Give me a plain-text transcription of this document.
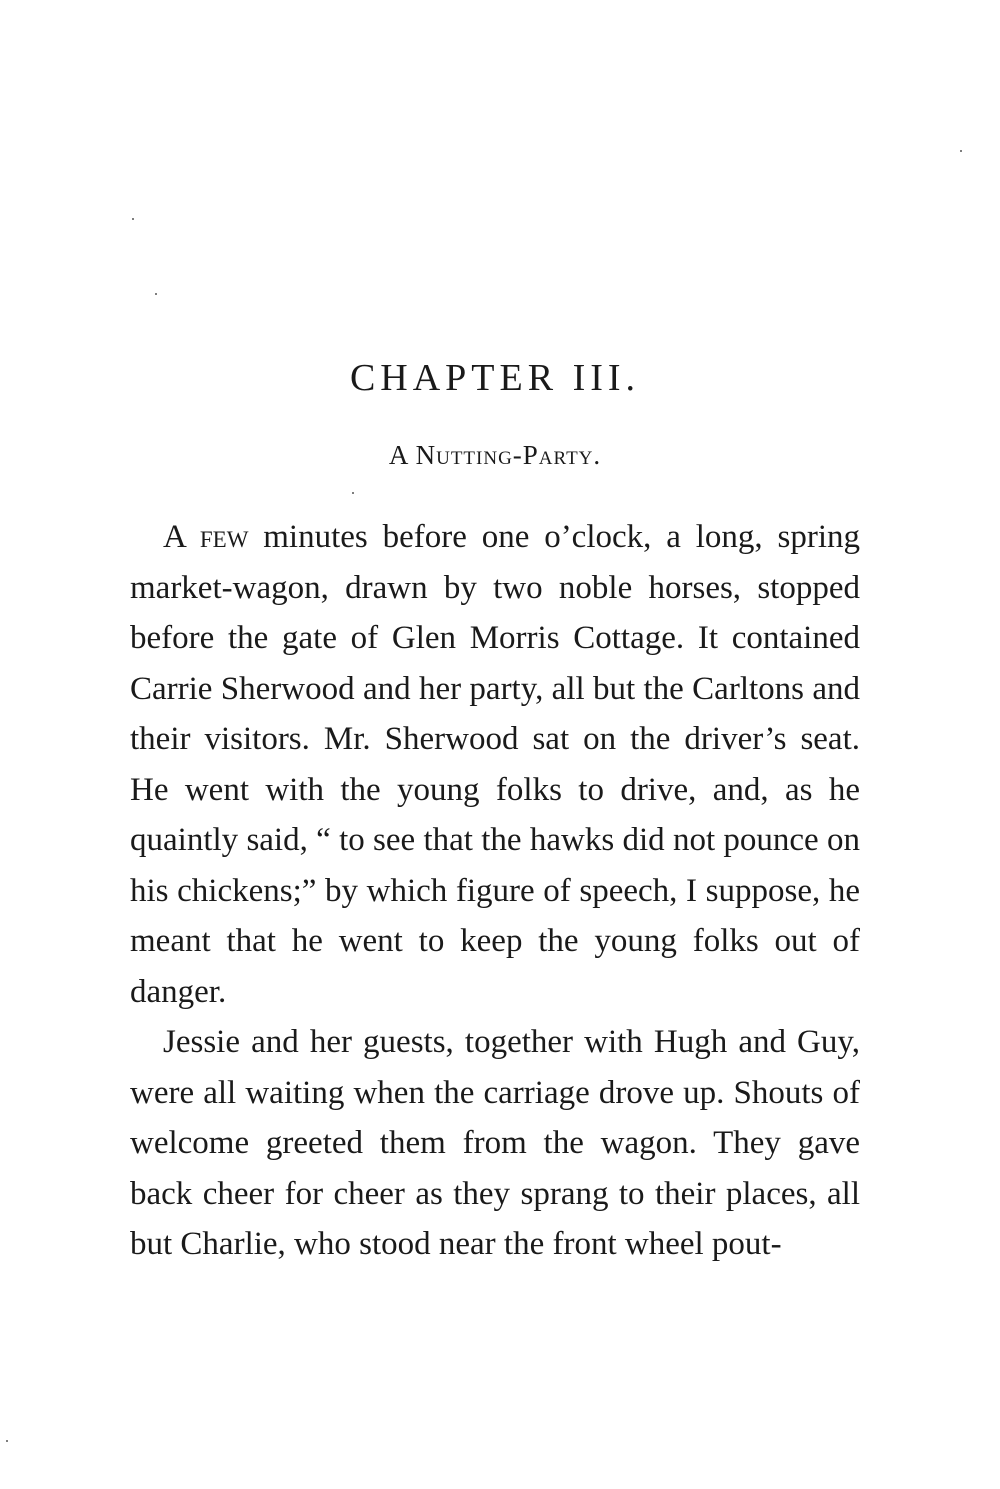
CHAPTER III.
A Nutting-Party.

A few minutes before one o’clock, a long, spring market-wagon, drawn by two noble horses, stopped before the gate of Glen Morris Cottage. It contained Carrie Sherwood and her party, all but the Carltons and their visitors. Mr. Sherwood sat on the driver’s seat. He went with the young folks to drive, and, as he quaintly said, “ to see that the hawks did not pounce on his chickens;” by which figure of speech, I suppose, he meant that he went to keep the young folks out of danger.

Jessie and her guests, together with Hugh and Guy, were all waiting when the carriage drove up. Shouts of welcome greeted them from the wagon. They gave back cheer for cheer as they sprang to their places, all but Charlie, who stood near the front wheel pout-
